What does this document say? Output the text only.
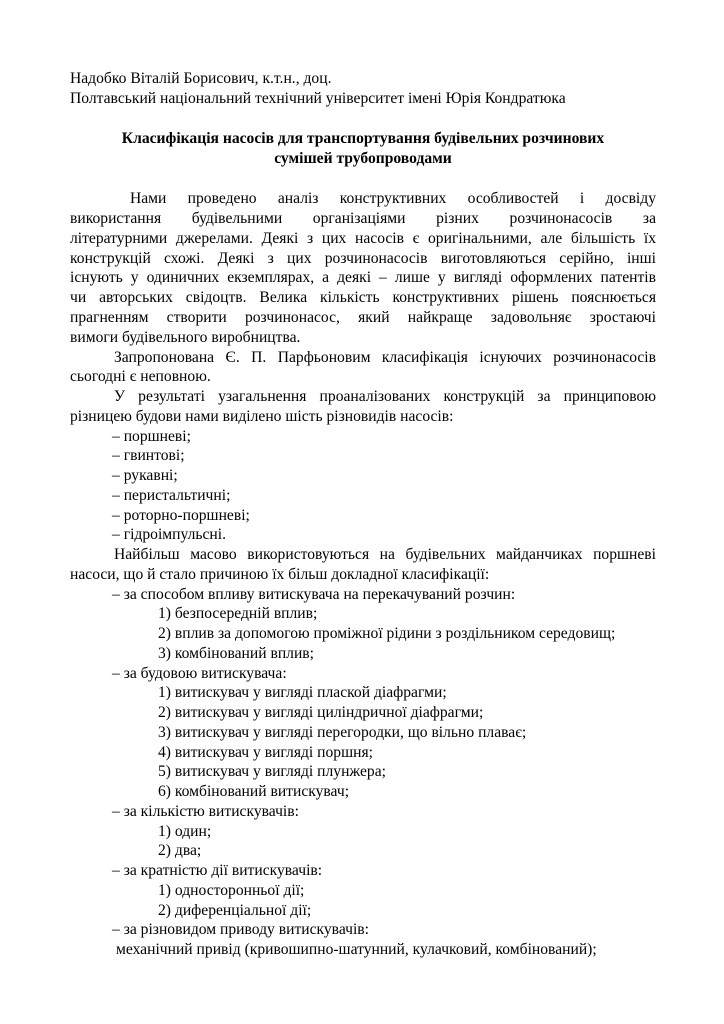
Надобко Віталій Борисович, к.т.н., доц.
Полтавський національний технічний університет імені Юрія Кондратюка
Класифікація насосів для транспортування будівельних розчинових
сумішей трубопроводами
Нами проведено аналіз конструктивних особливостей і досвіду
використання будівельними організаціями різних розчинонасосів за
літературними джерелами. Деякі з цих насосів є оригінальними, але більшість їх
конструкцій схожі. Деякі з цих розчинонасосів виготовляються серійно, інші
існують у одиничних екземплярах, а деякі – лише у вигляді оформлених патентів
чи авторських свідоцтв. Велика кількість конструктивних рішень пояснюється
прагненням створити розчинонасос, який найкраще задовольняє зростаючі
вимоги будівельного виробництва.
Запропонована Є. П. Парфьоновим класифікація існуючих розчинонасосів
сьогодні є неповною.
У результаті узагальнення проаналізованих конструкцій за принциповою
різницею будови нами виділено шість різновидів насосів:
– поршневі;
– гвинтові;
– рукавні;
– перистальтичні;
– роторно-поршневі;
– гідроімпульсні.
Найбільш масово використовуються на будівельних майданчиках поршневі
насоси, що й стало причиною їх більш докладної класифікації:
– за способом впливу витискувача на перекачуваний розчин:
1) безпосередній вплив;
2) вплив за допомогою проміжної рідини з роздільником середовищ;
3) комбінований вплив;
– за будовою витискувача:
1) витискувач у вигляді плаской діафрагми;
2) витискувач у вигляді циліндричної діафрагми;
3) витискувач у вигляді перегородки, що вільно плаває;
4) витискувач у вигляді поршня;
5) витискувач у вигляді плунжера;
6) комбінований витискувач;
– за кількістю витискувачів:
1) один;
2) два;
– за кратністю дії витискувачів:
1) односторонньої дії;
2) диференціальної дії;
– за різновидом приводу витискувачів:
механічний привід (кривошипно-шатунний, кулачковий, комбінований);
